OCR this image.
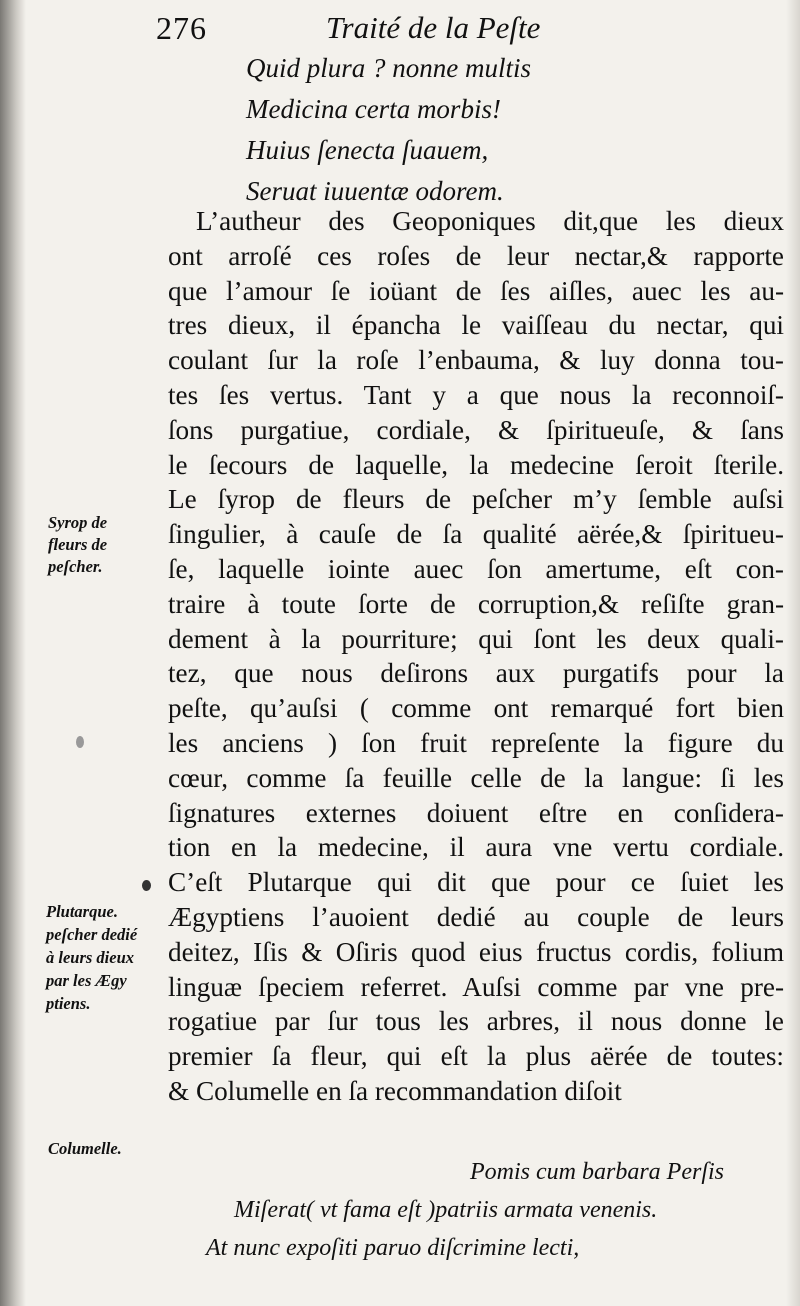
276	Traité de la Peſte
Quid plura ? nonne multis
Medicina certa morbis!
Huius ſenecta ſuauem,
Seruat iuuentæ odorem.
L’autheur des Geoponiques dit,que les dieux
ont arroſé ces roſes de leur nectar,& rapporte
que l’amour ſe ioüant de ſes aiſles, auec les au-
tres dieux, il épancha le vaiſſeau du nectar, qui
coulant ſur la roſe l’enbauma, & luy donna tou-
tes ſes vertus. Tant y a que nous la reconnoiſ-
ſons purgatiue, cordiale, & ſpiritueuſe, & ſans
le ſecours de laquelle, la medecine ſeroit ſterile.
Le ſyrop de fleurs de peſcher m’y ſemble auſsi
ſingulier, à cauſe de ſa qualité aërée,& ſpiritueu-
ſe, laquelle iointe auec ſon amertume, eſt con-
traire à toute ſorte de corruption,& reſiſte gran-
dement à la pourriture; qui ſont les deux quali-
tez, que nous deſirons aux purgatifs pour la
peſte, qu’auſsi ( comme ont remarqué fort bien
les anciens ) ſon fruit repreſente la figure du
cœur, comme ſa feuille celle de la langue: ſi les
ſignatures externes doiuent eſtre en conſidera-
tion en la medecine, il aura vne vertu cordiale.
C’eſt Plutarque qui dit que pour ce ſuiet les
Ægyptiens l’auoient dedié au couple de leurs
deitez, Iſis & Oſiris quod eius fructus cordis, folium
linguæ ſpeciem referret. Auſsi comme par vne pre-
rogatiue par ſur tous les arbres, il nous donne le
premier ſa fleur, qui eſt la plus aërée de toutes:
& Columelle en ſa recommandation diſoit
Syrop de
fleurs de
peſcher.
Plutarque.
peſcher dedié
à leurs dieux
par les Ægy
ptiens.
Columelle.
Pomis cum barbara Perſis
Miſerat( vt fama eſt )patriis armata venenis.
At nunc expoſiti paruo diſcrimine lecti,
